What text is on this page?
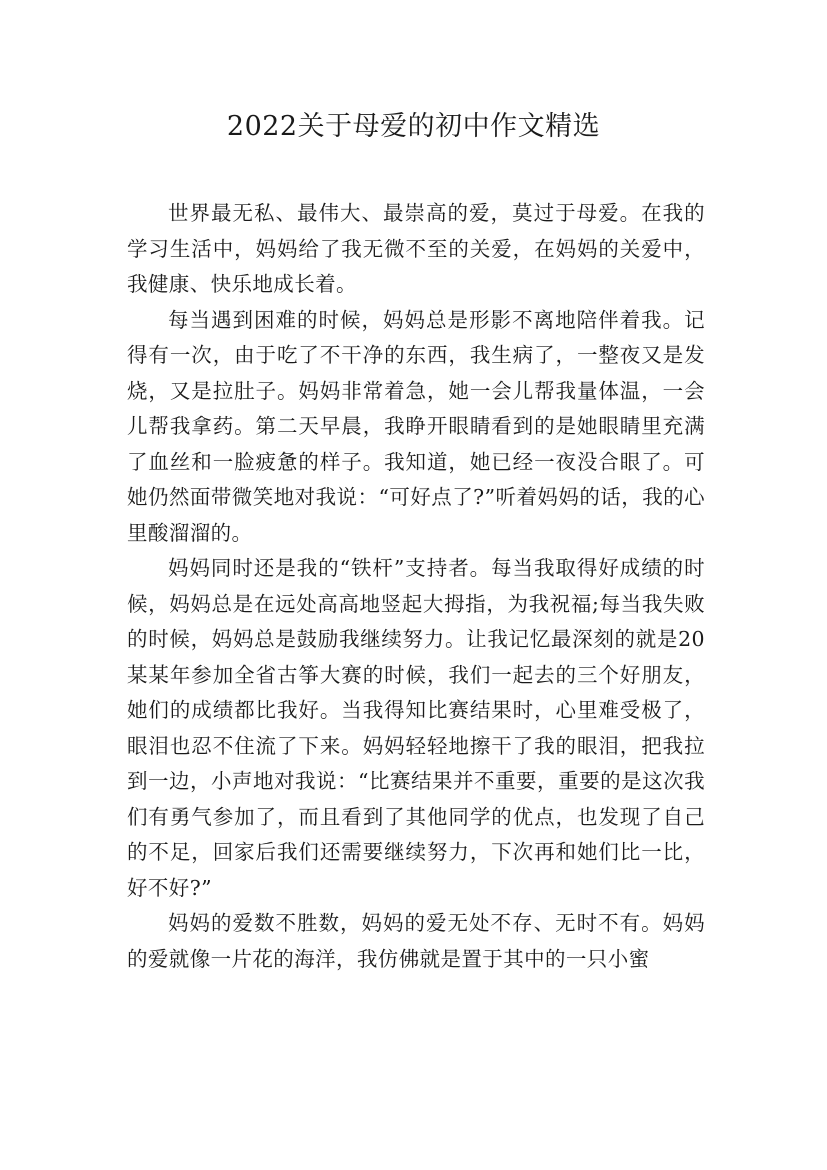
2022关于母爱的初中作文精选

世界最无私、最伟大、最崇高的爱，莫过于母爱。在我的学习生活中，妈妈给了我无微不至的关爱，在妈妈的关爱中，我健康、快乐地成长着。

每当遇到困难的时候，妈妈总是形影不离地陪伴着我。记得有一次，由于吃了不干净的东西，我生病了，一整夜又是发烧，又是拉肚子。妈妈非常着急，她一会儿帮我量体温，一会儿帮我拿药。第二天早晨，我睁开眼睛看到的是她眼睛里充满了血丝和一脸疲惫的样子。我知道，她已经一夜没合眼了。可她仍然面带微笑地对我说：“可好点了?”听着妈妈的话，我的心里酸溜溜的。

妈妈同时还是我的“铁杆”支持者。每当我取得好成绩的时候，妈妈总是在远处高高地竖起大拇指，为我祝福;每当我失败的时候，妈妈总是鼓励我继续努力。让我记忆最深刻的就是20某某年参加全省古筝大赛的时候，我们一起去的三个好朋友，她们的成绩都比我好。当我得知比赛结果时，心里难受极了，眼泪也忍不住流了下来。妈妈轻轻地擦干了我的眼泪，把我拉到一边，小声地对我说：“比赛结果并不重要，重要的是这次我们有勇气参加了，而且看到了其他同学的优点，也发现了自己的不足，回家后我们还需要继续努力，下次再和她们比一比，好不好?”

妈妈的爱数不胜数，妈妈的爱无处不存、无时不有。妈妈的爱就像一片花的海洋，我仿佛就是置于其中的一只小蜜
